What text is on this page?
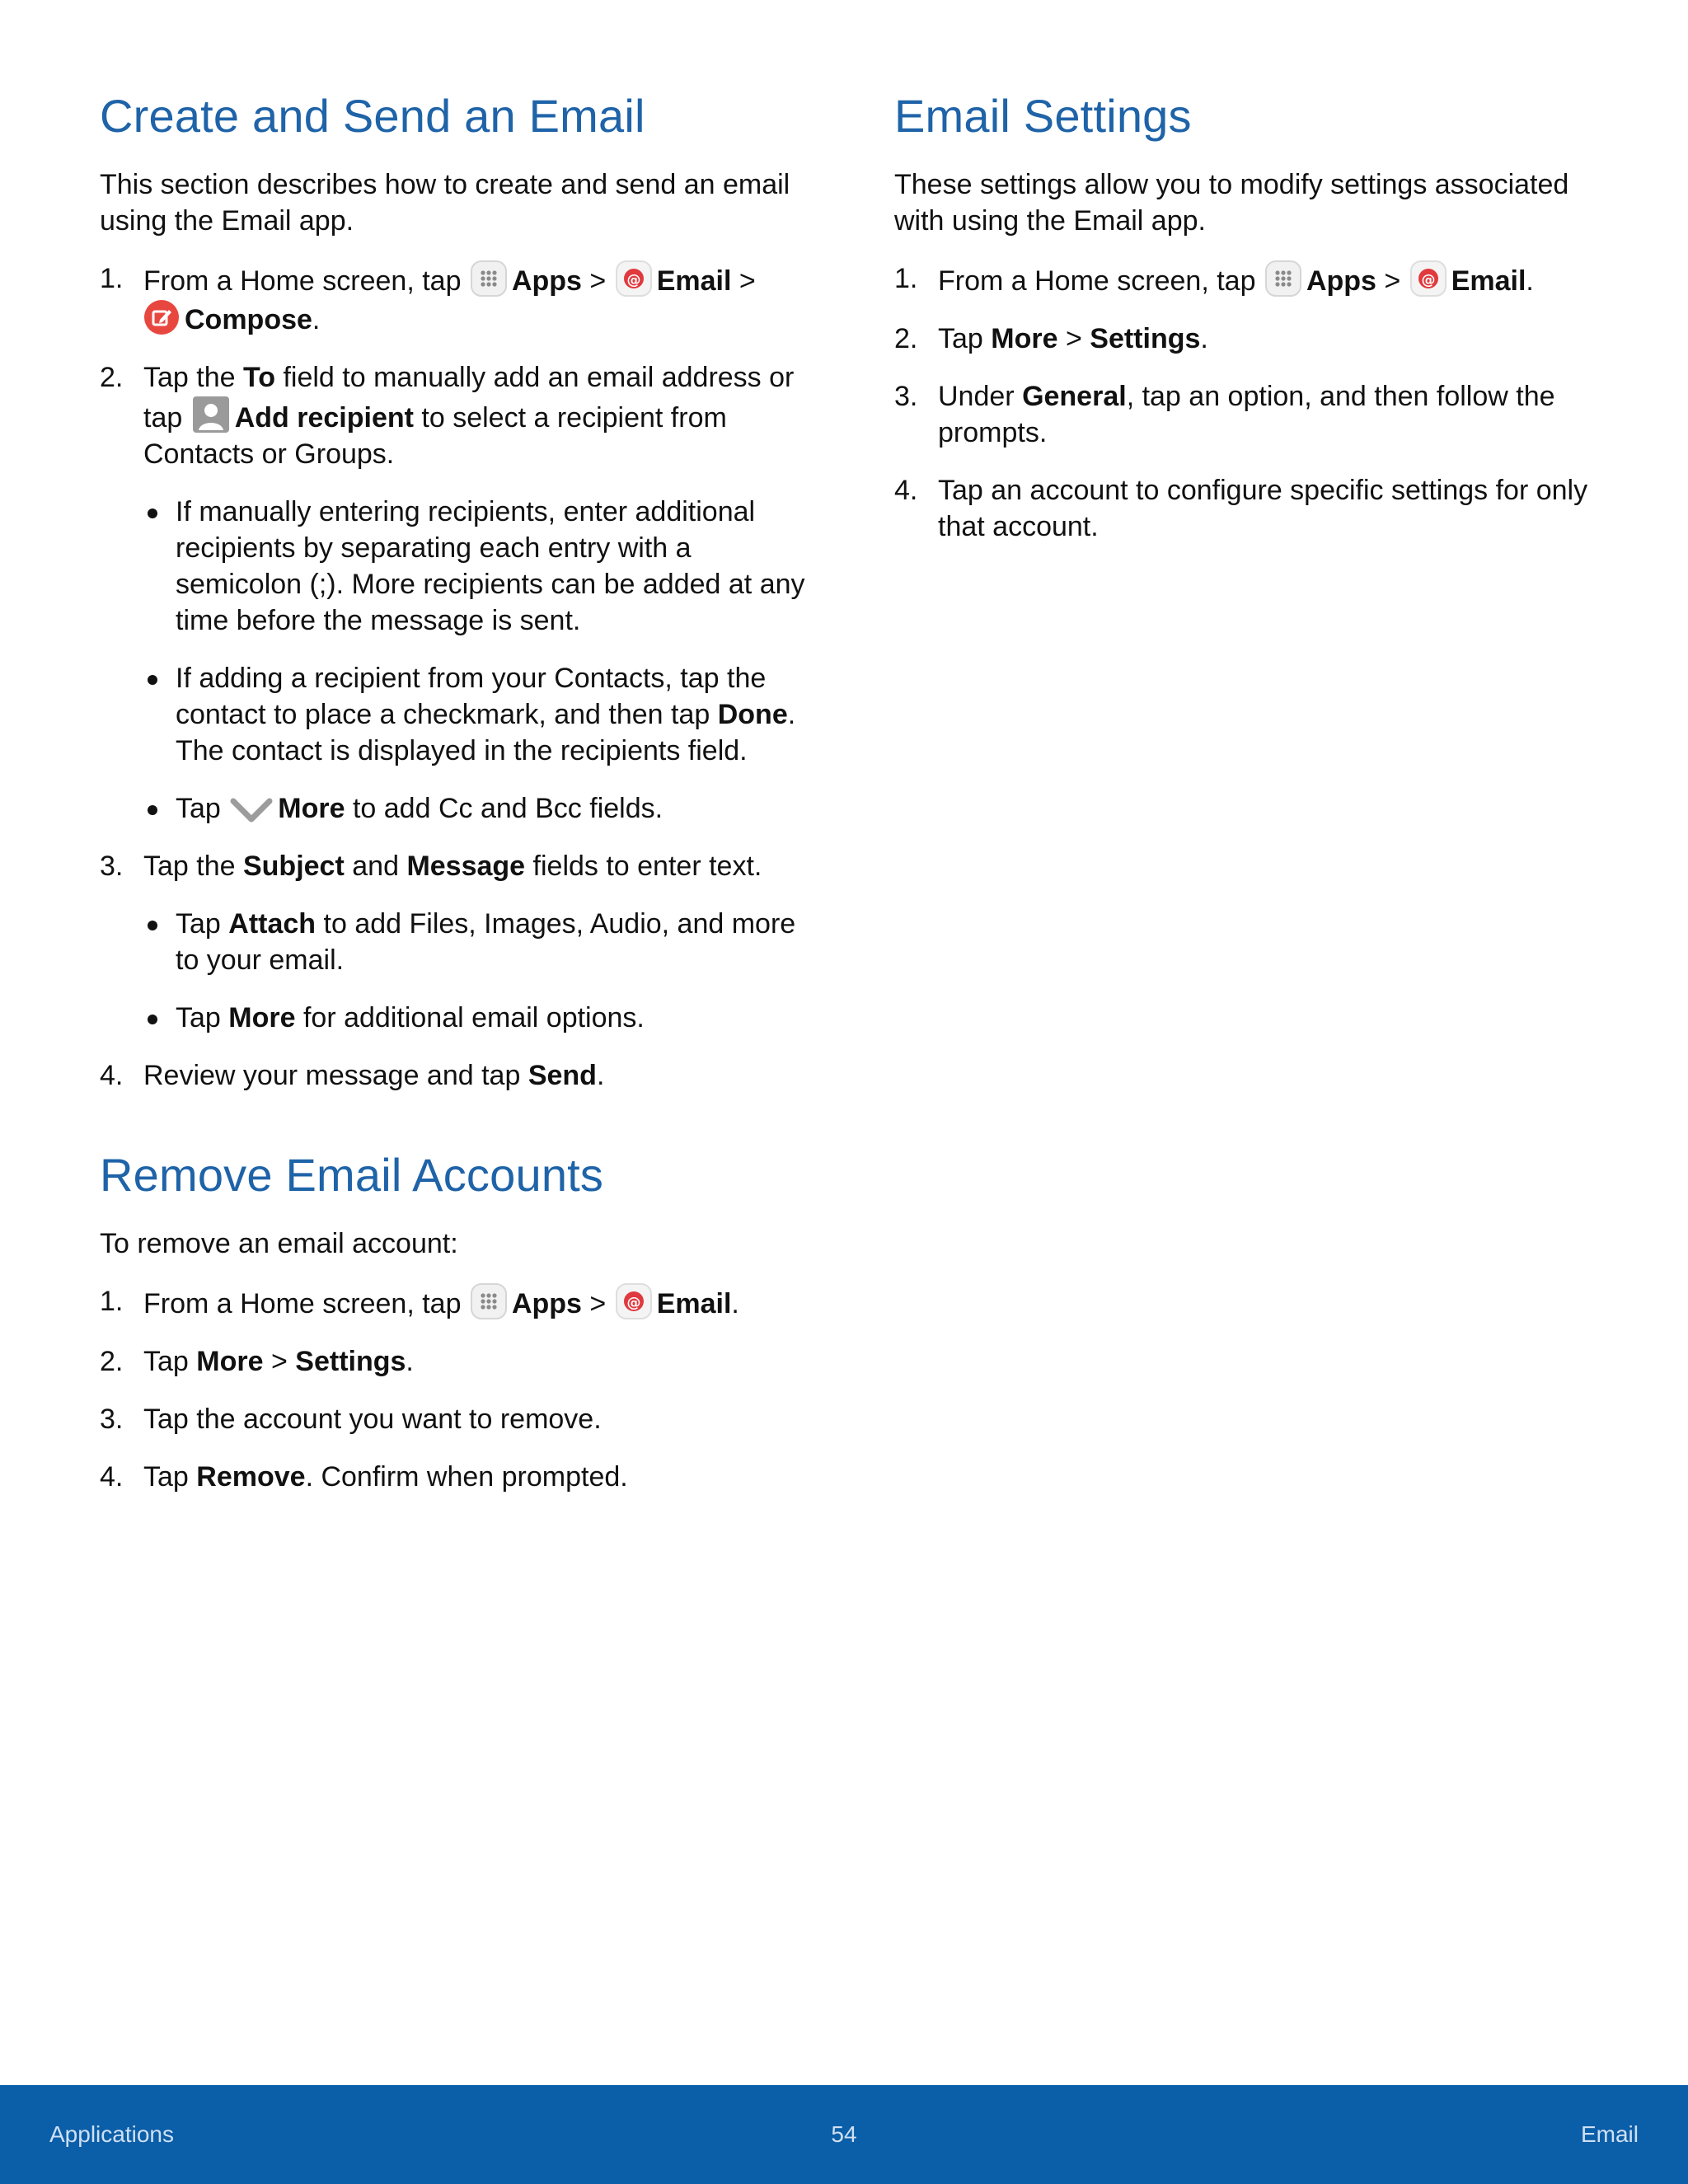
Create and Send an Email

This section describes how to create and send an email using the Email app.

1. From a Home screen, tap Apps > @ Email >

Compose.
2. Tap the To field to manually add an email address or tap Add recipient to select a recipient from Contacts or Groups.
If manually entering recipients, enter additional recipients by separating each entry with a semicolon (;). More recipients can be added at any time before the message is sent.
If adding a recipient from your Contacts, tap the contact to place a checkmark, and then tap Done. The contact is displayed in the recipients field.
Tap More to add Cc and Bcc fields.
3. Tap the Subject and Message fields to enter text.
Tap Attach to add Files, Images, Audio, and more to your email.
Tap More for additional email options.
4. Review your message and tap Send.
Remove Email Accounts

To remove an email account:

1. From a Home screen, tap Apps > @ Email.
2. Tap More > Settings.
3. Tap the account you want to remove.
4. Tap Remove. Confirm when prompted.
Email Settings

These settings allow you to modify settings associated with using the Email app.

1. From a Home screen, tap Apps > @ Email.
2. Tap More > Settings.
3. Under General, tap an option, and then follow the prompts.
4. Tap an account to configure specific settings for only that account.
Applications	54	Email
